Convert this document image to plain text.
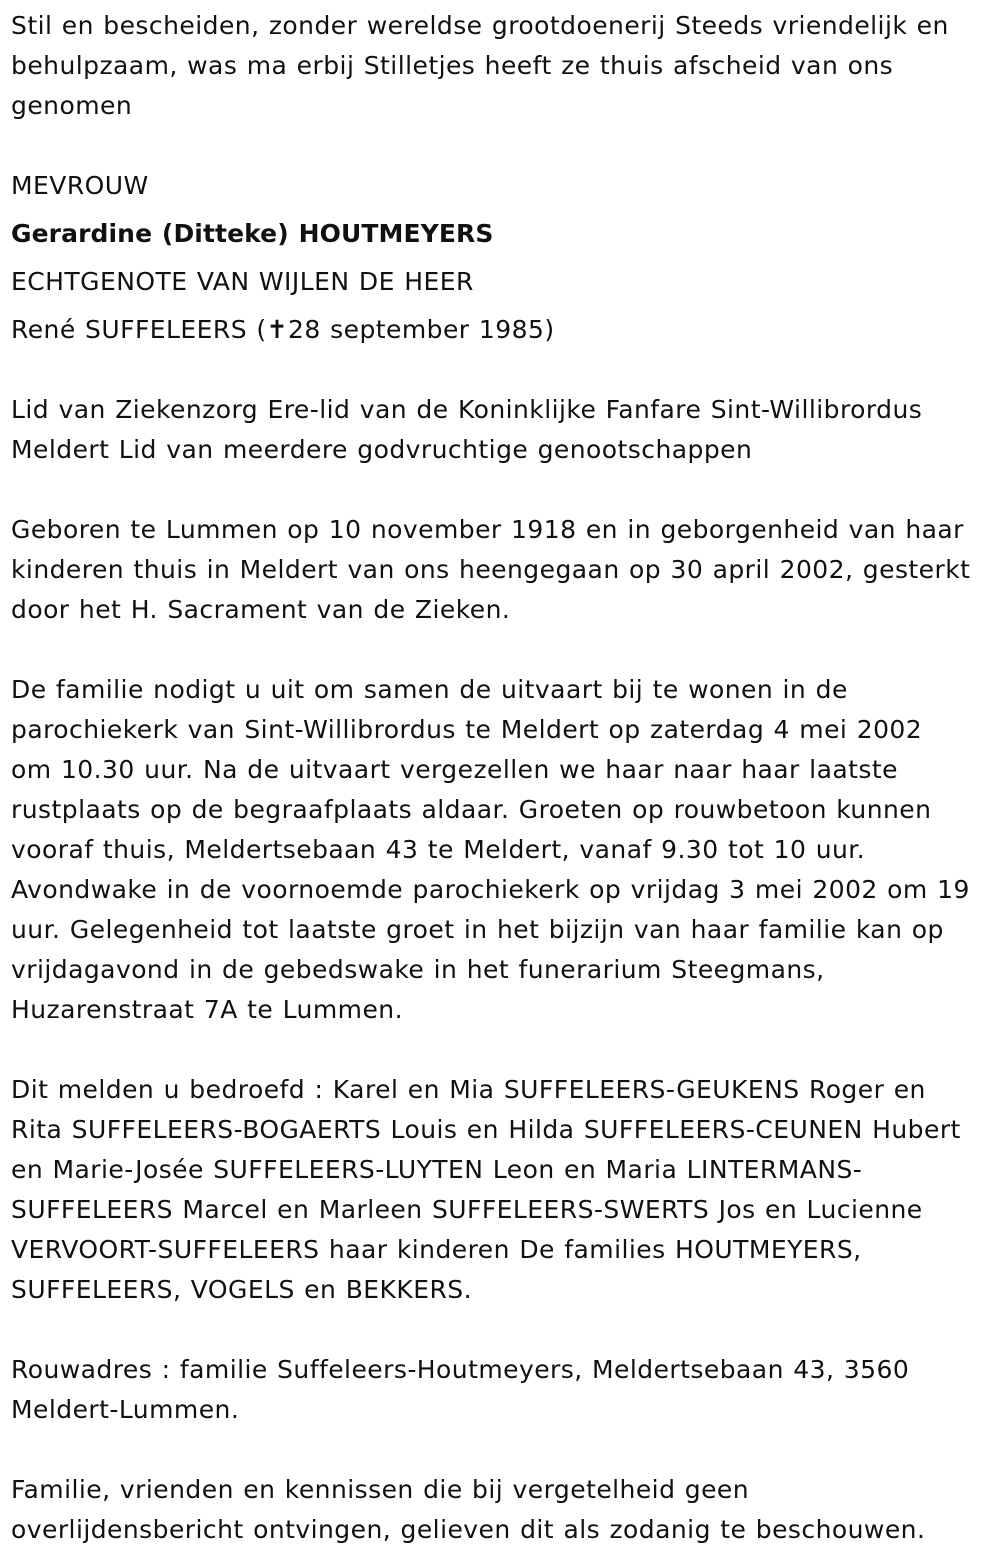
Stil en bescheiden, zonder wereldse grootdoenerij Steeds vriendelijk en
behulpzaam, was ma erbij Stilletjes heeft ze thuis afscheid van ons
genomen
MEVROUW
Gerardine (Ditteke) HOUTMEYERS
ECHTGENOTE VAN WIJLEN DE HEER
René SUFFELEERS (✝28 september 1985)
Lid van Ziekenzorg Ere-lid van de Koninklijke Fanfare Sint-Willibrordus
Meldert Lid van meerdere godvruchtige genootschappen
Geboren te Lummen op 10 november 1918 en in geborgenheid van haar
kinderen thuis in Meldert van ons heengegaan op 30 april 2002, gesterkt
door het H. Sacrament van de Zieken.
De familie nodigt u uit om samen de uitvaart bij te wonen in de
parochiekerk van Sint-Willibrordus te Meldert op zaterdag 4 mei 2002
om 10.30 uur. Na de uitvaart vergezellen we haar naar haar laatste
rustplaats op de begraafplaats aldaar. Groeten op rouwbetoon kunnen
vooraf thuis, Meldertsebaan 43 te Meldert, vanaf 9.30 tot 10 uur.
Avondwake in de voornoemde parochiekerk op vrijdag 3 mei 2002 om 19
uur. Gelegenheid tot laatste groet in het bijzijn van haar familie kan op
vrijdagavond in de gebedswake in het funerarium Steegmans,
Huzarenstraat 7A te Lummen.
Dit melden u bedroefd : Karel en Mia SUFFELEERS-GEUKENS Roger en
Rita SUFFELEERS-BOGAERTS Louis en Hilda SUFFELEERS-CEUNEN Hubert
en Marie-Josée SUFFELEERS-LUYTEN Leon en Maria LINTERMANS-
SUFFELEERS Marcel en Marleen SUFFELEERS-SWERTS Jos en Lucienne
VERVOORT-SUFFELEERS haar kinderen De families HOUTMEYERS,
SUFFELEERS, VOGELS en BEKKERS.
Rouwadres : familie Suffeleers-Houtmeyers, Meldertsebaan 43, 3560
Meldert-Lummen.
Familie, vrienden en kennissen die bij vergetelheid geen
overlijdensbericht ontvingen, gelieven dit als zodanig te beschouwen.
